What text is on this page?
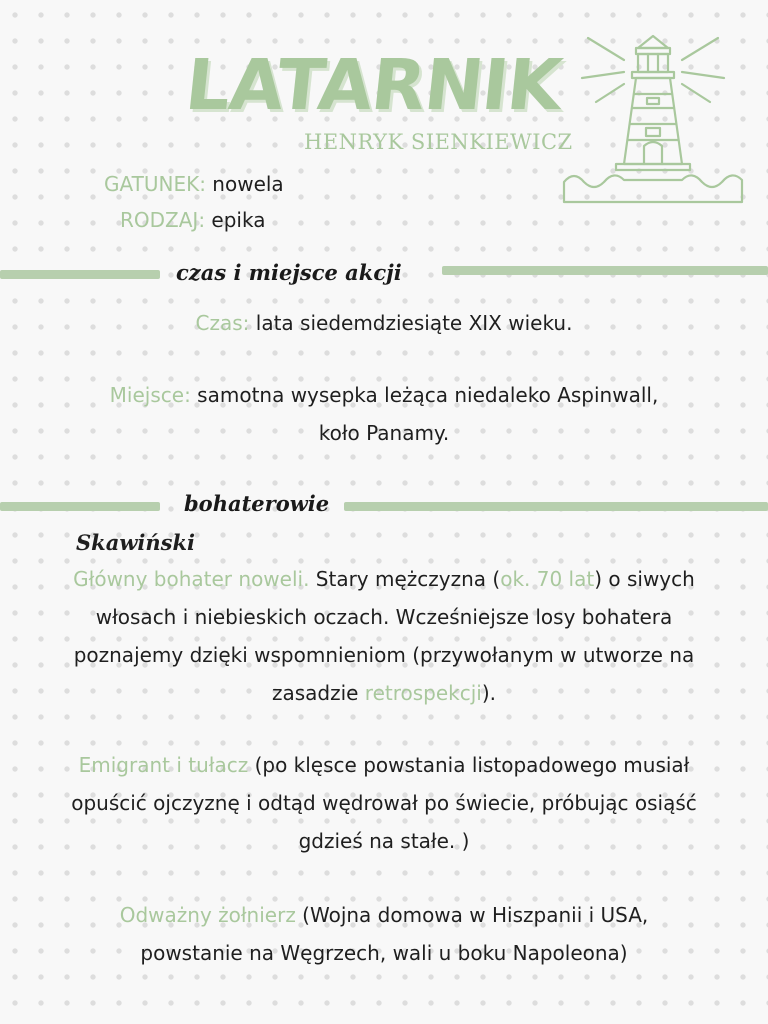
LATARNIK
HENRYK SIENKIEWICZ
GATUNEK: nowela
RODZAJ: epika
czas i miejsce akcji

Czas: lata siedemdziesiąte XIX wieku.

Miejsce: samotna wysepka leżąca niedaleko Aspinwall,
koło Panamy.

bohaterowie
Skawiński

Główny bohater noweli. Stary mężczyzna (ok. 70 lat) o siwych włosach i niebieskich oczach. Wcześniejsze losy bohatera poznajemy dzięki wspomnieniom (przywołanym w utworze na zasadzie retrospekcji).

Emigrant i tułacz (po klęsce powstania listopadowego musiał opuścić ojczyznę i odtąd wędrował po świecie, próbując osiąść gdzieś na stałe. )

Odważny żołnierz (Wojna domowa w Hiszpanii i USA, powstanie na Węgrzech, wali u boku Napoleona)
